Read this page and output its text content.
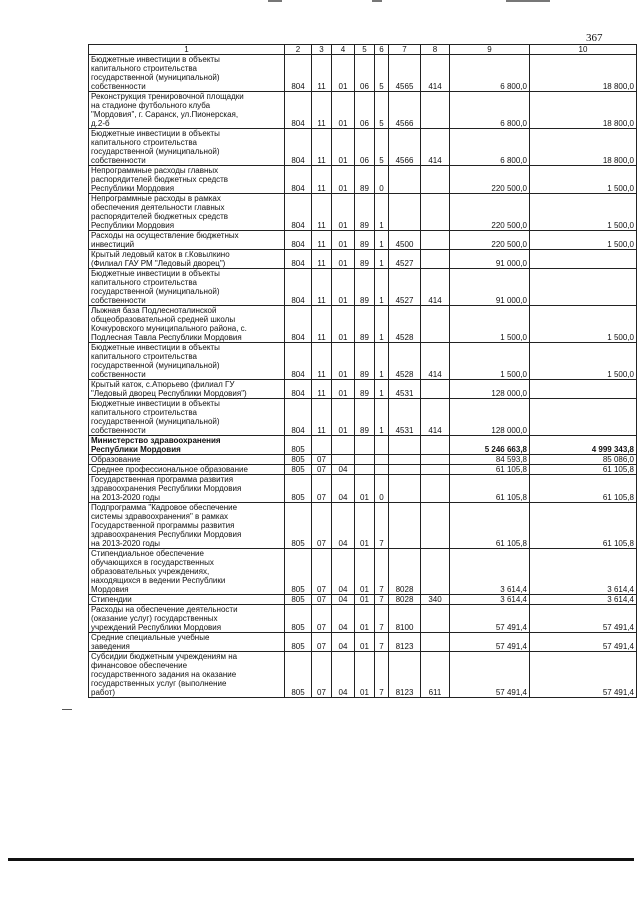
367
1	2	3	4	5	6	7	8	9	10
Бюджетные инвестиции в объекты
капитального строительства
государственной (муниципальной)
собственности	804	11	01	06	5	4565	414	6 800,0	18 800,0
Реконструкция тренировочной площадки
на стадионе футбольного клуба
"Мордовия", г. Саранск, ул.Пионерская,
д.2-б	804	11	01	06	5	4566		6 800,0	18 800,0
Бюджетные инвестиции в объекты
капитального строительства
государственной (муниципальной)
собственности	804	11	01	06	5	4566	414	6 800,0	18 800,0
Непрограммные расходы главных
распорядителей бюджетных средств
Республики Мордовия	804	11	01	89	0			220 500,0	1 500,0
Непрограммные расходы в рамках
обеспечения деятельности главных
распорядителей бюджетных средств
Республики Мордовия	804	11	01	89	1			220 500,0	1 500,0
Расходы на осуществление бюджетных
инвестиций	804	11	01	89	1	4500		220 500,0	1 500,0
Крытый ледовый каток в г.Ковылкино
(Филиал ГАУ РМ "Ледовый дворец")	804	11	01	89	1	4527		91 000,0	
Бюджетные инвестиции в объекты
капитального строительства
государственной (муниципальной)
собственности	804	11	01	89	1	4527	414	91 000,0	
Лыжная база Подлесноталинской
общеобразовательной средней школы
Кочкуровского муниципального района, с.
Подлесная Тавла Республики Мордовия	804	11	01	89	1	4528		1 500,0	1 500,0
Бюджетные инвестиции в объекты
капитального строительства
государственной (муниципальной)
собственности	804	11	01	89	1	4528	414	1 500,0	1 500,0
Крытый каток, с.Атюрьево (филиал ГУ
"Ледовый дворец Республики Мордовия")	804	11	01	89	1	4531		128 000,0	
Бюджетные инвестиции в объекты
капитального строительства
государственной (муниципальной)
собственности	804	11	01	89	1	4531	414	128 000,0	
Министерство здравоохранения
Республики Мордовия	805							5 246 663,8	4 999 343,8
Образование	805	07						84 593,8	85 086,0
Среднее профессиональное образование	805	07	04					61 105,8	61 105,8
Государственная программа развития
здравоохранения Республики Мордовия
на 2013-2020 годы	805	07	04	01	0			61 105,8	61 105,8
Подпрограмма "Кадровое обеспечение
системы здравоохранения" в рамках
Государственной программы развития
здравоохранения Республики Мордовия
на 2013-2020 годы	805	07	04	01	7			61 105,8	61 105,8
Стипендиальное обеспечение
обучающихся в государственных
образовательных учреждениях,
находящихся в ведении Республики
Мордовия	805	07	04	01	7	8028		3 614,4	3 614,4
Стипендии	805	07	04	01	7	8028	340	3 614,4	3 614,4
Расходы на обеспечение деятельности
(оказание услуг) государственных
учреждений Республики Мордовия	805	07	04	01	7	8100		57 491,4	57 491,4
Средние специальные учебные
заведения	805	07	04	01	7	8123		57 491,4	57 491,4
Субсидии бюджетным учреждениям на
финансовое обеспечение
государственного задания на оказание
государственных услуг (выполнение
работ)	805	07	04	01	7	8123	611	57 491,4	57 491,4
